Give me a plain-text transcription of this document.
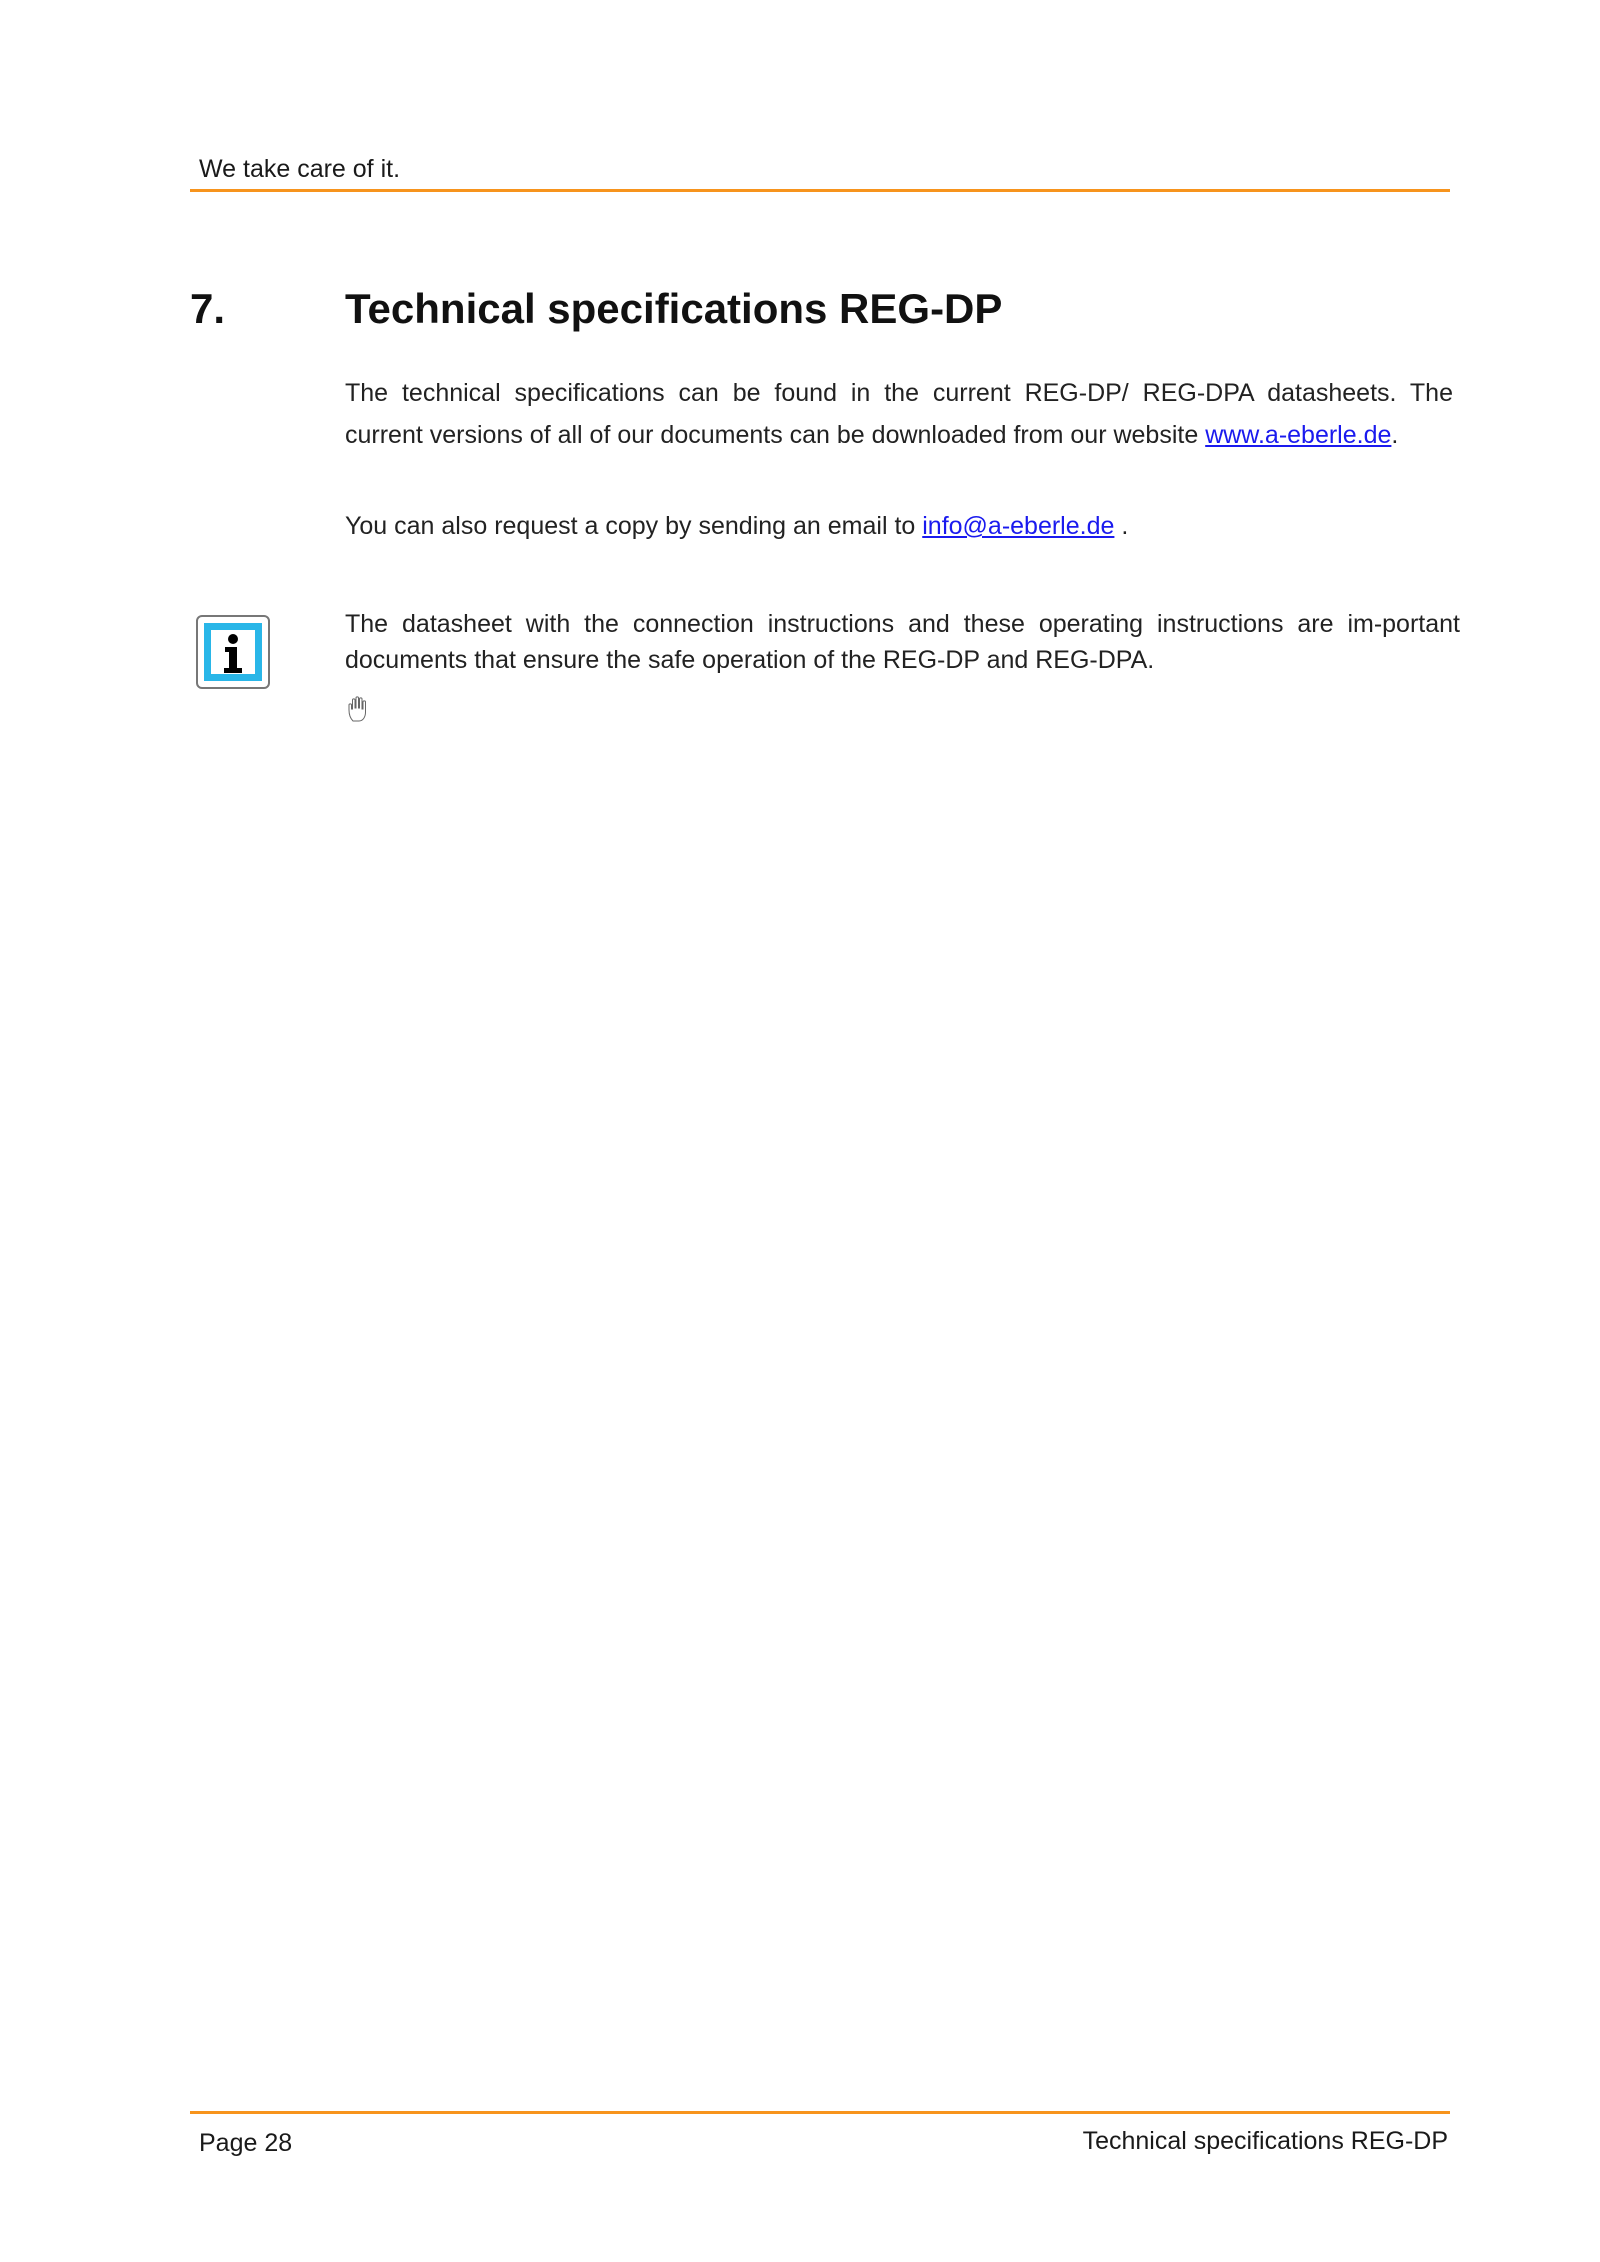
We take care of it.
7.	Technical specifications REG-DP

The technical specifications can be found in the current REG-DP/ REG-DPA datasheets. The current versions of all of our documents can be downloaded from our website www.a-eberle.de.

You can also request a copy by sending an email to info@a-eberle.de .

The datasheet with the connection instructions and these operating instructions are im-portant documents that ensure the safe operation of the REG-DP and REG-DPA.

Page 28	Technical specifications REG-DP
